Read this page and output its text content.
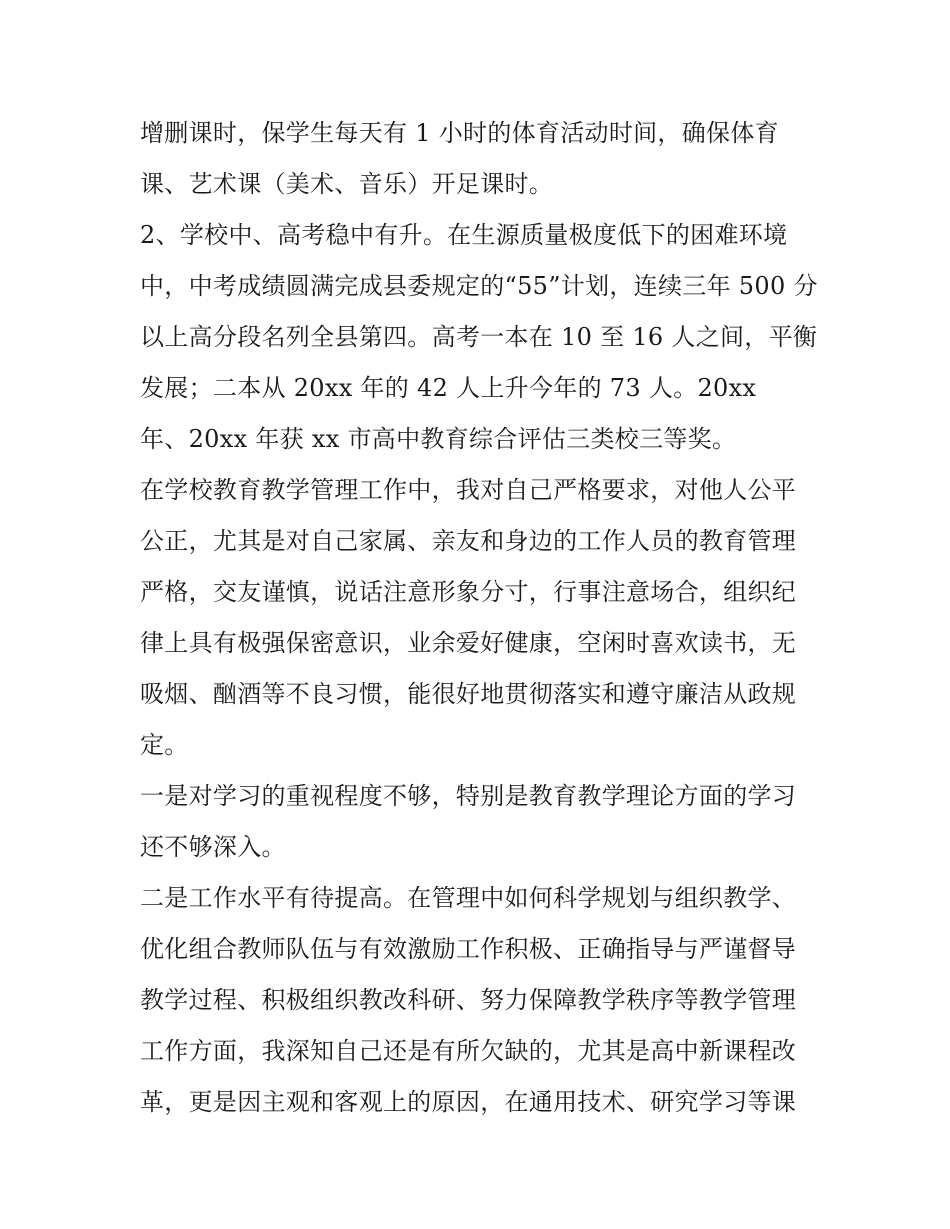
增删课时，保学生每天有 1 小时的体育活动时间，确保体育
课、艺术课（美术、音乐）开足课时。
2、学校中、高考稳中有升。在生源质量极度低下的困难环境
中，中考成绩圆满完成县委规定的“55”计划，连续三年 500 分
以上高分段名列全县第四。高考一本在 10 至 16 人之间，平衡
发展；二本从 20xx 年的 42 人上升今年的 73 人。20xx
年、20xx 年获 xx 市高中教育综合评估三类校三等奖。
在学校教育教学管理工作中，我对自己严格要求，对他人公平
公正，尤其是对自己家属、亲友和身边的工作人员的教育管理
严格，交友谨慎，说话注意形象分寸，行事注意场合，组织纪
律上具有极强保密意识，业余爱好健康，空闲时喜欢读书，无
吸烟、酗酒等不良习惯，能很好地贯彻落实和遵守廉洁从政规
定。
一是对学习的重视程度不够，特别是教育教学理论方面的学习
还不够深入。
二是工作水平有待提高。在管理中如何科学规划与组织教学、
优化组合教师队伍与有效激励工作积极、正确指导与严谨督导
教学过程、积极组织教改科研、努力保障教学秩序等教学管理
工作方面，我深知自己还是有所欠缺的，尤其是高中新课程改
革，更是因主观和客观上的原因，在通用技术、研究学习等课
